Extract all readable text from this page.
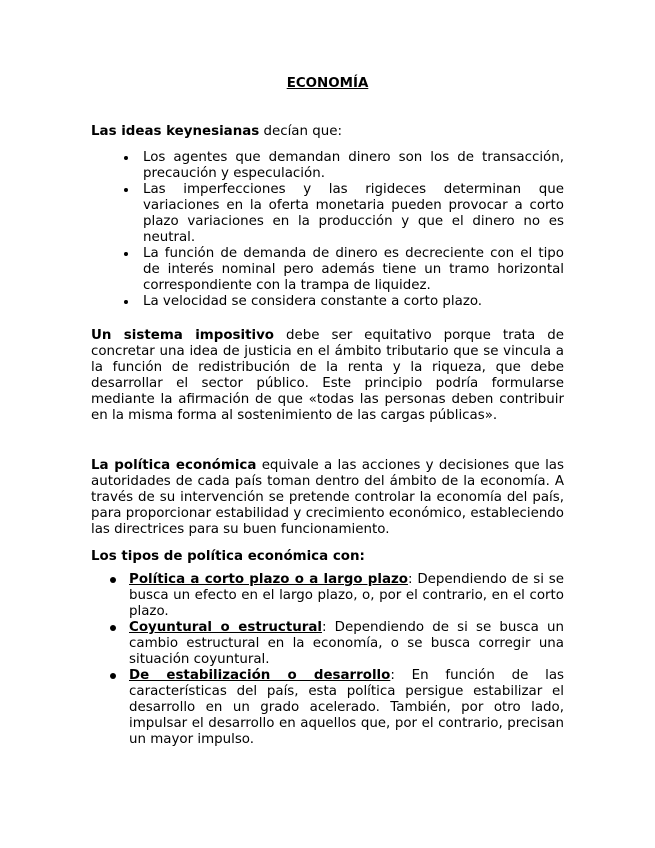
ECONOMÍA
Las ideas keynesianas decían que:
Los agentes que demandan dinero son los de transacción, precaución y especulación.
Las imperfecciones y las rigideces determinan que variaciones en la oferta monetaria pueden provocar a corto plazo variaciones en la producción y que el dinero no es neutral.
La función de demanda de dinero es decreciente con el tipo de interés nominal pero además tiene un tramo horizontal correspondiente con la trampa de liquidez.
La velocidad se considera constante a corto plazo.
Un sistema impositivo debe ser equitativo porque trata de concretar una idea de justicia en el ámbito tributario que se vincula a la función de redistribución de la renta y la riqueza, que debe desarrollar el sector público. Este principio podría formularse mediante la afirmación de que «todas las personas deben contribuir en la misma forma al sostenimiento de las cargas públicas».
La política económica equivale a las acciones y decisiones que las autoridades de cada país toman dentro del ámbito de la economía. A través de su intervención se pretende controlar la economía del país, para proporcionar estabilidad y crecimiento económico, estableciendo las directrices para su buen funcionamiento.
Los tipos de política económica con:
Política a corto plazo o a largo plazo: Dependiendo de si se busca un efecto en el largo plazo, o, por el contrario, en el corto plazo.
Coyuntural o estructural: Dependiendo de si se busca un cambio estructural en la economía, o se busca corregir una situación coyuntural.
De estabilización o desarrollo: En función de las características del país, esta política persigue estabilizar el desarrollo en un grado acelerado. También, por otro lado, impulsar el desarrollo en aquellos que, por el contrario, precisan un mayor impulso.
